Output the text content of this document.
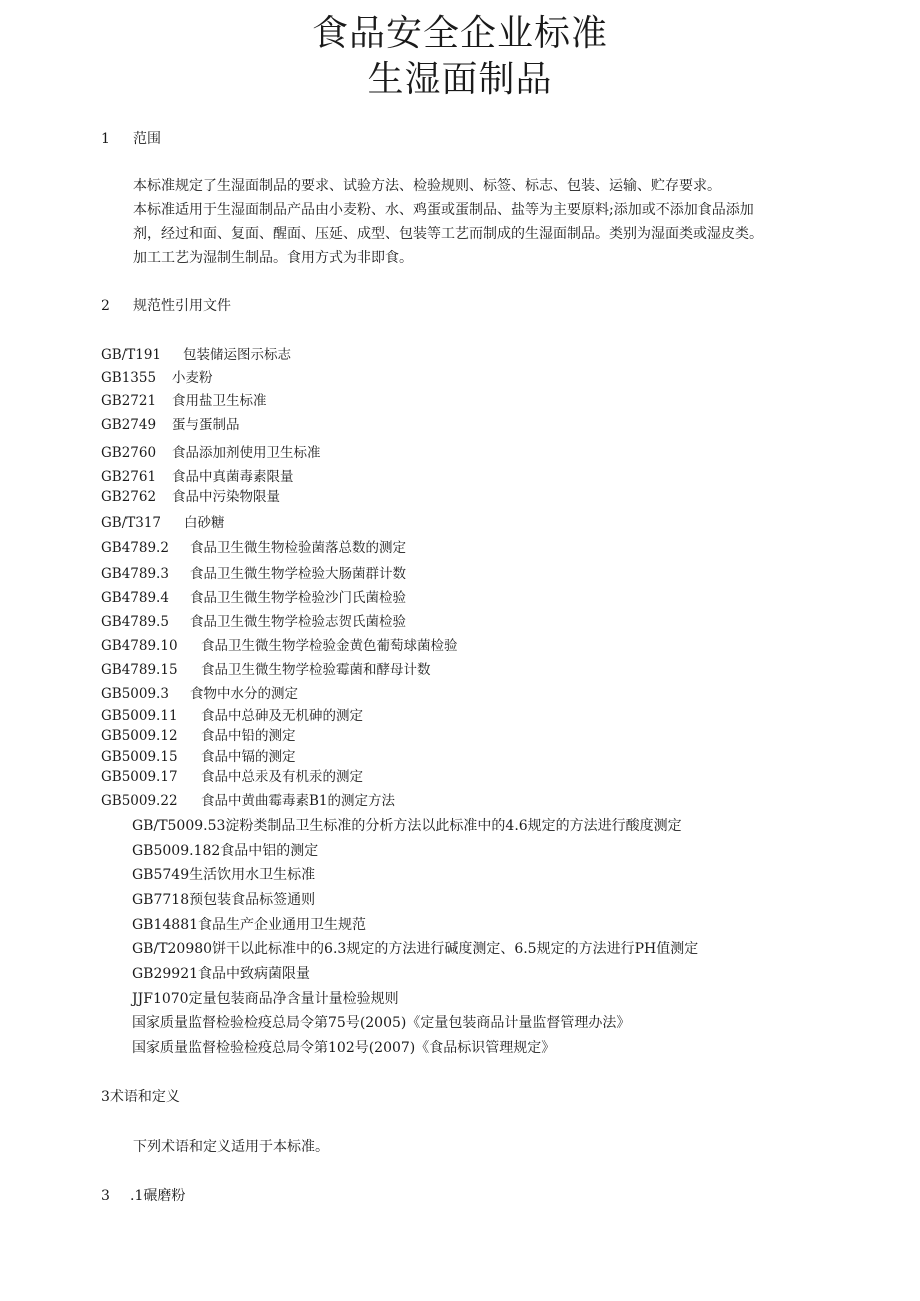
食品安全企业标准
生湿面制品
1 范围

本标准规定了生湿面制品的要求、试验方法、检验规则、标签、标志、包装、运输、贮存要求。

本标准适用于生湿面制品产品由小麦粉、水、鸡蛋或蛋制品、盐等为主要原料;添加或不添加食品添加

剂，经过和面、复面、醒面、压延、成型、包装等工艺而制成的生湿面制品。类别为湿面类或湿皮类。

加工工艺为湿制生制品。食用方式为非即食。

2 规范性引用文件
GB/T191 包装储运图示标志
GB1355 小麦粉
GB2721 食用盐卫生标准
GB2749 蛋与蛋制品
GB2760 食品添加剂使用卫生标准
GB2761 食品中真菌毒素限量
GB2762 食品中污染物限量
GB/T317 白砂糖
GB4789.2 食品卫生微生物检验菌落总数的测定
GB4789.3 食品卫生微生物学检验大肠菌群计数
GB4789.4 食品卫生微生物学检验沙门氏菌检验
GB4789.5 食品卫生微生物学检验志贺氏菌检验
GB4789.10 食品卫生微生物学检验金黄色葡萄球菌检验
GB4789.15 食品卫生微生物学检验霉菌和酵母计数
GB5009.3 食物中水分的测定
GB5009.11 食品中总砷及无机砷的测定
GB5009.12 食品中铅的测定
GB5009.15 食品中镉的测定
GB5009.17 食品中总汞及有机汞的测定
GB5009.22 食品中黄曲霉毒素B1的测定方法
GB/T5009.53淀粉类制品卫生标准的分析方法以此标准中的4.6规定的方法进行酸度测定
GB5009.182食品中铝的测定
GB5749生活饮用水卫生标准
GB7718预包装食品标签通则
GB14881食品生产企业通用卫生规范
GB/T20980饼干以此标准中的6.3规定的方法进行碱度测定、6.5规定的方法进行PH值测定
GB29921食品中致病菌限量
JJF1070定量包装商品净含量计量检验规则
国家质量监督检验检疫总局令第75号(2005)《定量包装商品计量监督管理办法》
国家质量监督检验检疫总局令第102号(2007)《食品标识管理规定》
3术语和定义

下列术语和定义适用于本标准。

3 .1碾磨粉
